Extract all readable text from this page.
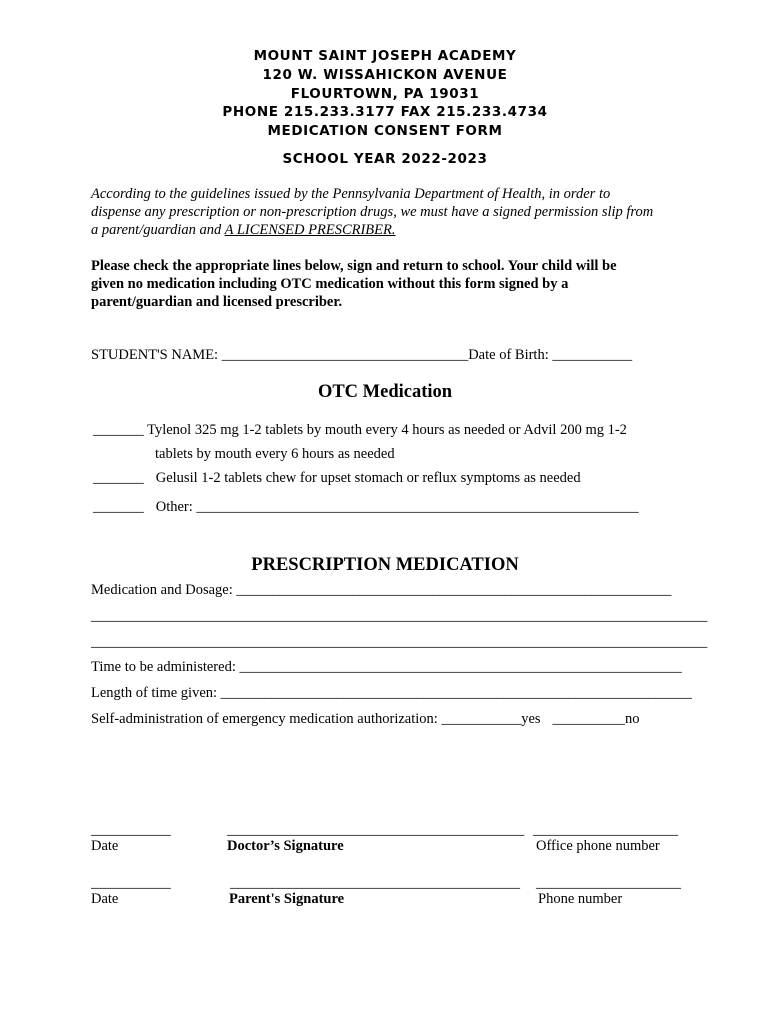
MOUNT SAINT JOSEPH ACADEMY
120 W. WISSAHICKON AVENUE
FLOURTOWN, PA 19031
PHONE 215.233.3177 FAX 215.233.4734
MEDICATION CONSENT FORM
SCHOOL YEAR 2022-2023
According to the guidelines issued by the Pennsylvania Department of Health, in order to
dispense any prescription or non-prescription drugs, we must have a signed permission slip from
a parent/guardian and A LICENSED PRESCRIBER.
Please check the appropriate lines below, sign and return to school. Your child will be
given no medication including OTC medication without this form signed by a
parent/guardian and licensed prescriber.
STUDENT'S NAME: __________________________________Date of Birth: ___________
OTC Medication
_______ Tylenol 325 mg 1-2 tablets by mouth every 4 hours as needed or Advil 200 mg 1-2
tablets by mouth every 6 hours as needed
_______ Gelusil 1-2 tablets chew for upset stomach or reflux symptoms as needed
_______ Other: _____________________________________________________________
PRESCRIPTION MEDICATION
Medication and Dosage: ____________________________________________________________
_____________________________________________________________________________________
_____________________________________________________________________________________
Time to be administered: _____________________________________________________________
Length of time given: _________________________________________________________________
Self-administration of emergency medication authorization: ___________yes __________no
___________
Date
_________________________________________
Doctor’s Signature
____________________
Office phone number
___________
Date
________________________________________
Parent's Signature
____________________
Phone number
